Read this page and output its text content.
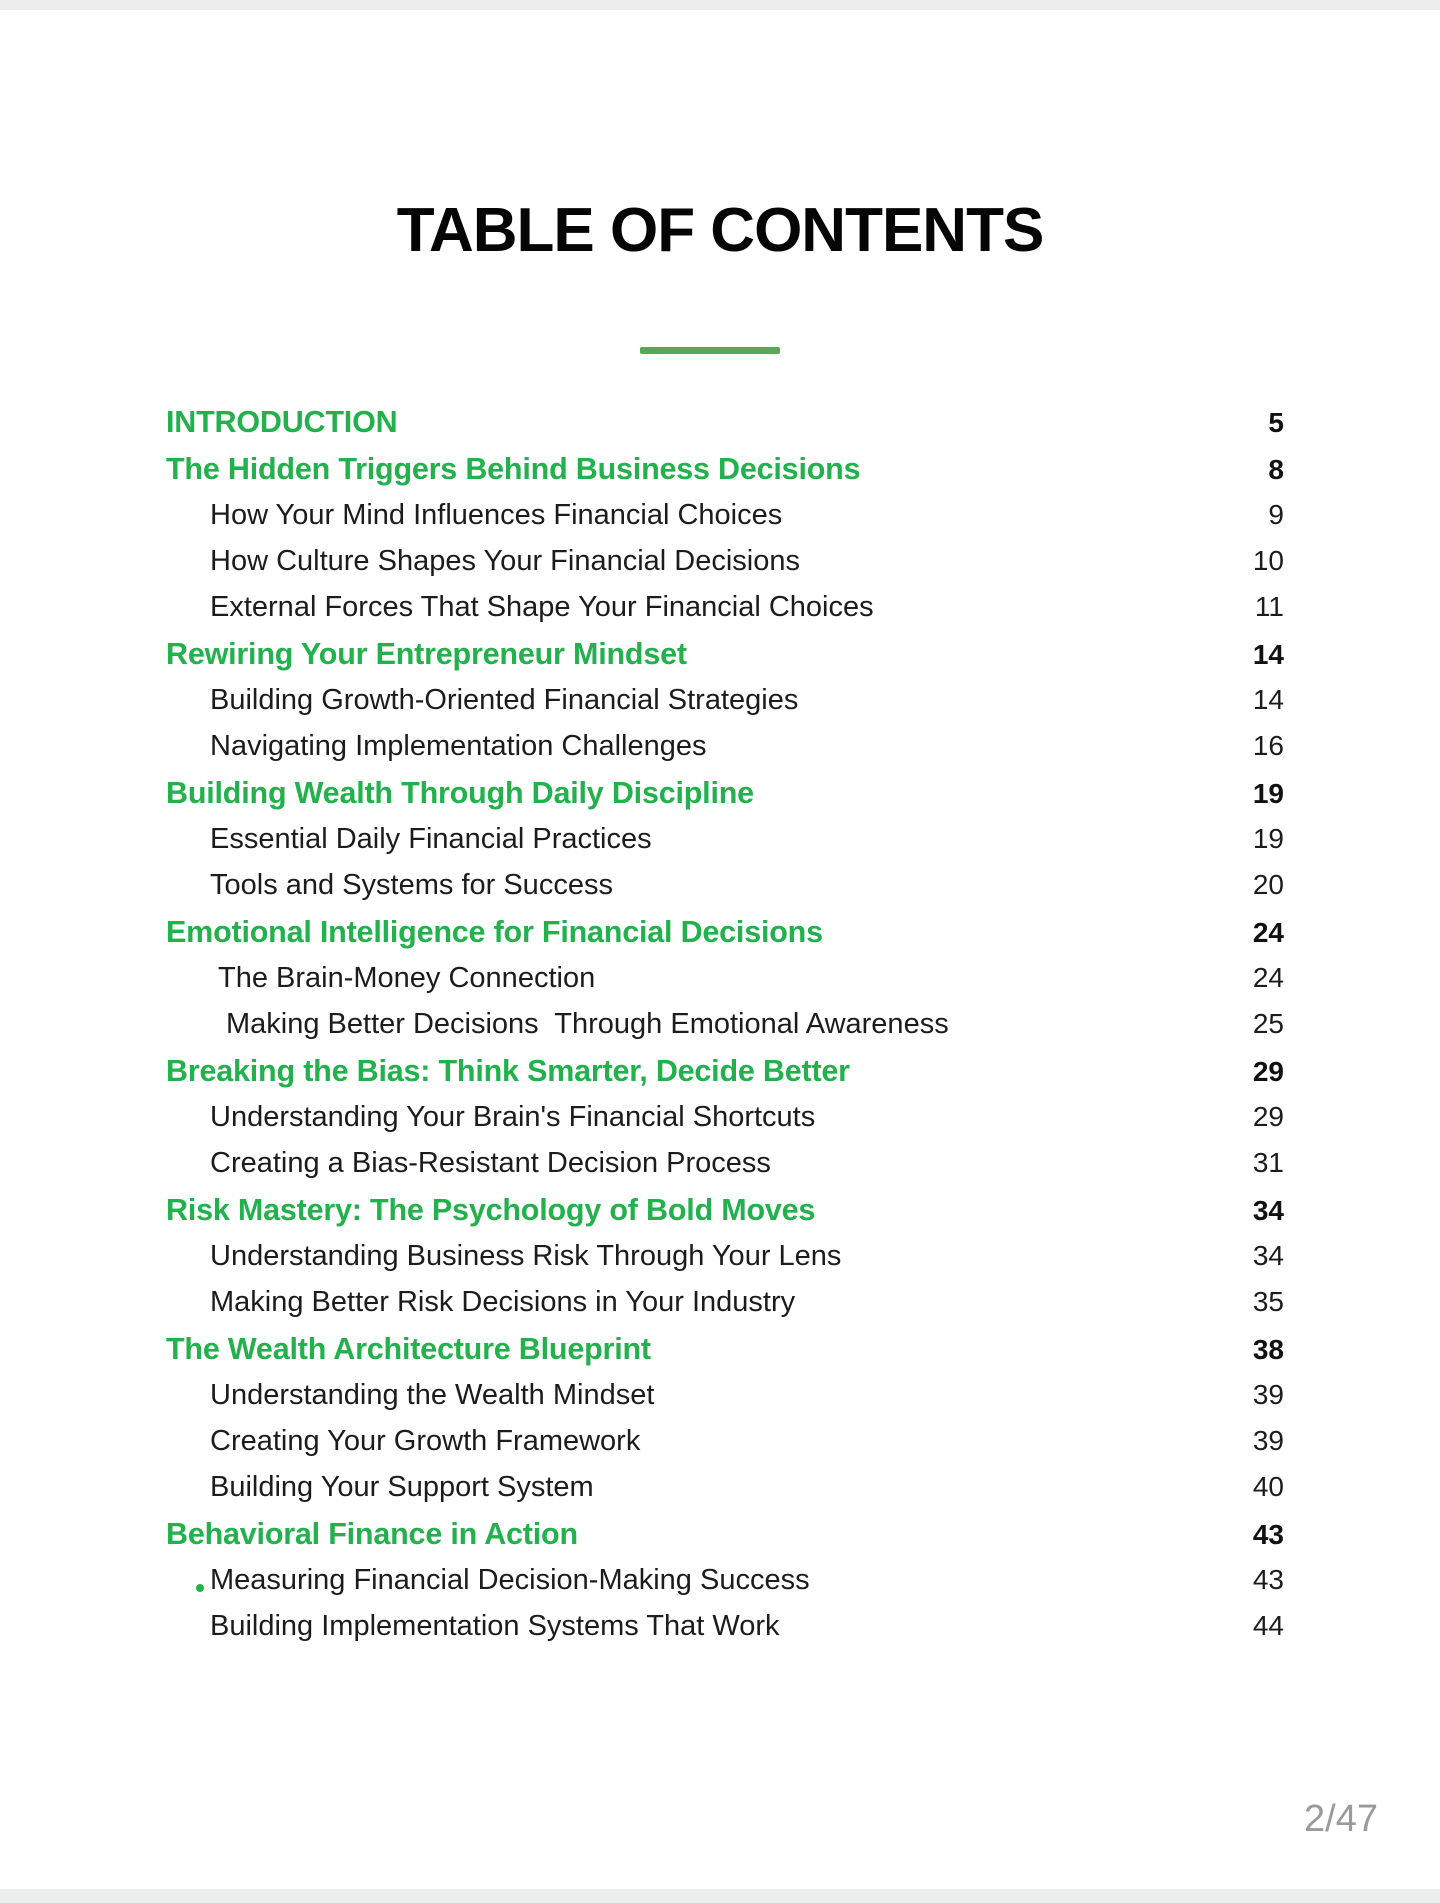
TABLE OF CONTENTS
INTRODUCTION	5
The Hidden Triggers Behind Business Decisions	8
How Your Mind Influences Financial Choices	9
How Culture Shapes Your Financial Decisions	10
External Forces That Shape Your Financial Choices	11
Rewiring Your Entrepreneur Mindset	14
Building Growth-Oriented Financial Strategies	14
Navigating Implementation Challenges	16
Building Wealth Through Daily Discipline	19
Essential Daily Financial Practices	19
Tools and Systems for Success	20
Emotional Intelligence for Financial Decisions	24
The Brain-Money Connection	24
Making Better Decisions  Through Emotional Awareness	25
Breaking the Bias: Think Smarter, Decide Better	29
Understanding Your Brain's Financial Shortcuts	29
Creating a Bias-Resistant Decision Process	31
Risk Mastery: The Psychology of Bold Moves	34
Understanding Business Risk Through Your Lens	34
Making Better Risk Decisions in Your Industry	35
The Wealth Architecture Blueprint	38
Understanding the Wealth Mindset	39
Creating Your Growth Framework	39
Building Your Support System	40
Behavioral Finance in Action	43
Measuring Financial Decision-Making Success	43
Building Implementation Systems That Work	44
2/47
